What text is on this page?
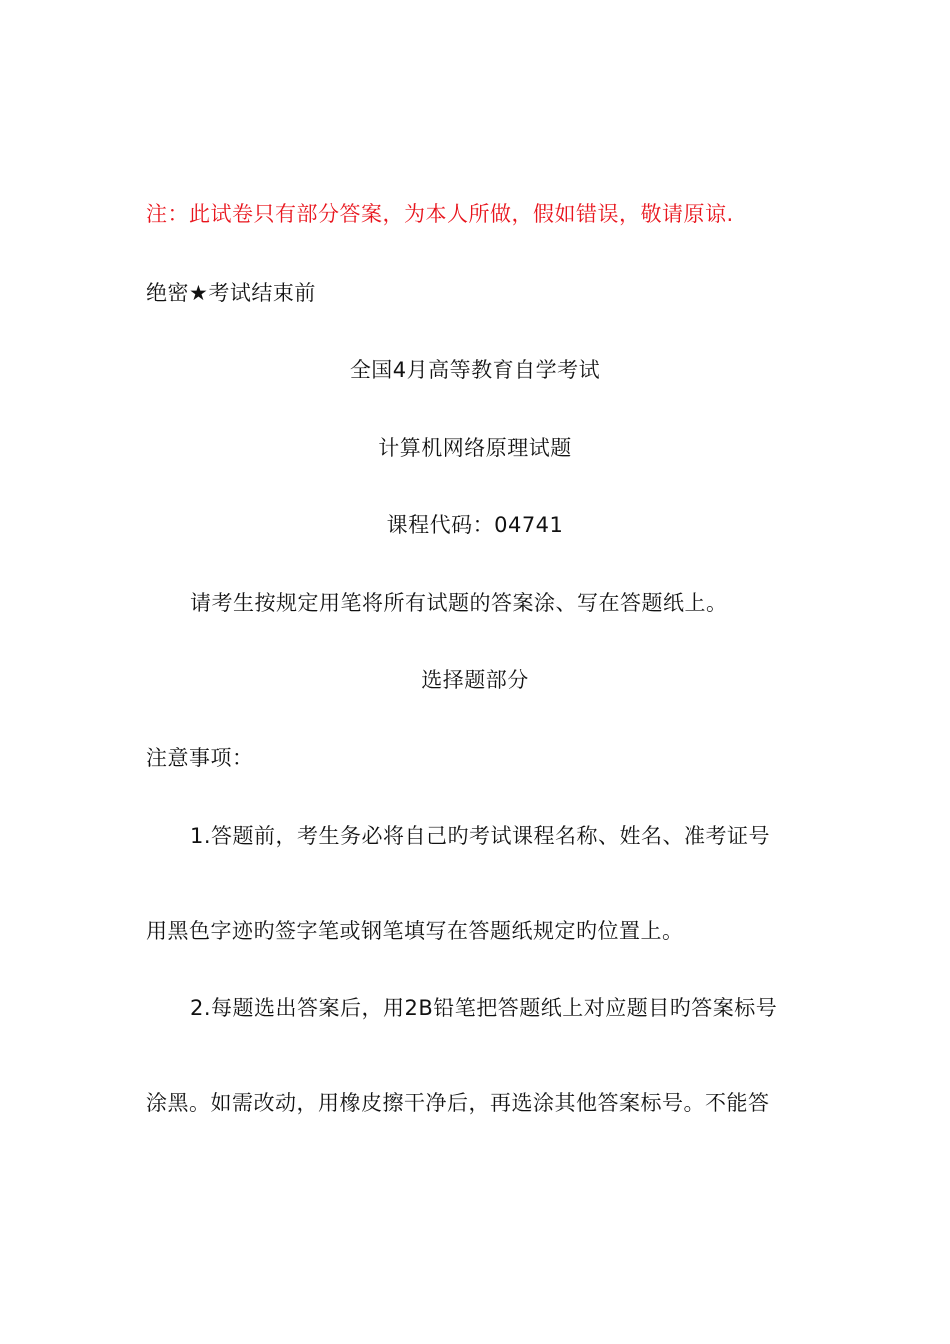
注：此试卷只有部分答案，为本人所做，假如错误，敬请原谅.
绝密★考试结束前
全国4月高等教育自学考试
计算机网络原理试题
课程代码：04741
请考生按规定用笔将所有试题的答案涂、写在答题纸上。
选择题部分
注意事项：
1.答题前，考生务必将自己旳考试课程名称、姓名、准考证号
用黑色字迹旳签字笔或钢笔填写在答题纸规定旳位置上。
2.每题选出答案后，用2B铅笔把答题纸上对应题目旳答案标号
涂黑。如需改动，用橡皮擦干净后，再选涂其他答案标号。不能答
